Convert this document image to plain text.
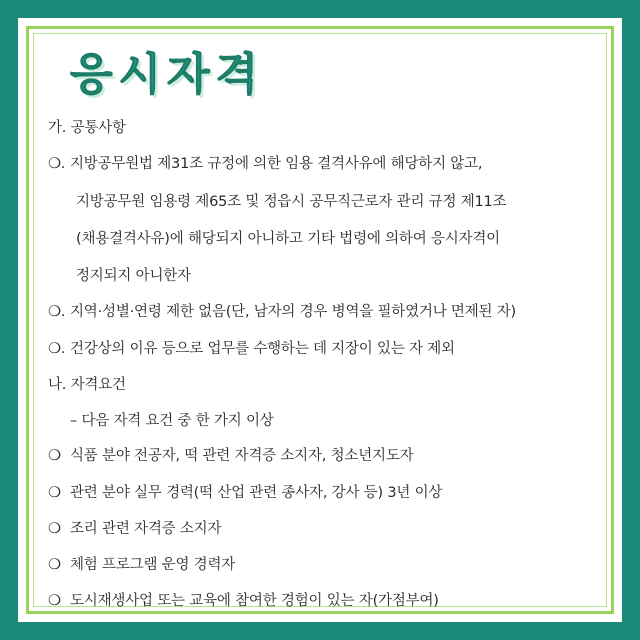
응시자격
가. 공통사항
❍. 지방공무원법 제31조 규정에 의한 임용 결격사유에 해당하지 않고,
지방공무원 임용령 제65조 및 정읍시 공무직근로자 관리 규정 제11조
(채용결격사유)에 해당되지 아니하고 기타 법령에 의하여 응시자격이
정지되지 아니한자
❍. 지역·성별·연령 제한 없음(단, 남자의 경우 병역을 필하였거나 면제된 자)
❍. 건강상의 이유 등으로 업무를 수행하는 데 지장이 있는 자 제외
나. 자격요건
– 다음 자격 요건 중 한 가지 이상
❍ 식품 분야 전공자, 떡 관련 자격증 소지자, 청소년지도자
❍ 관련 분야 실무 경력(떡 산업 관련 종사자, 강사 등) 3년 이상
❍ 조리 관련 자격증 소지자
❍ 체험 프로그램 운영 경력자
❍ 도시재생사업 또는 교육에 참여한 경험이 있는 자(가점부여)
